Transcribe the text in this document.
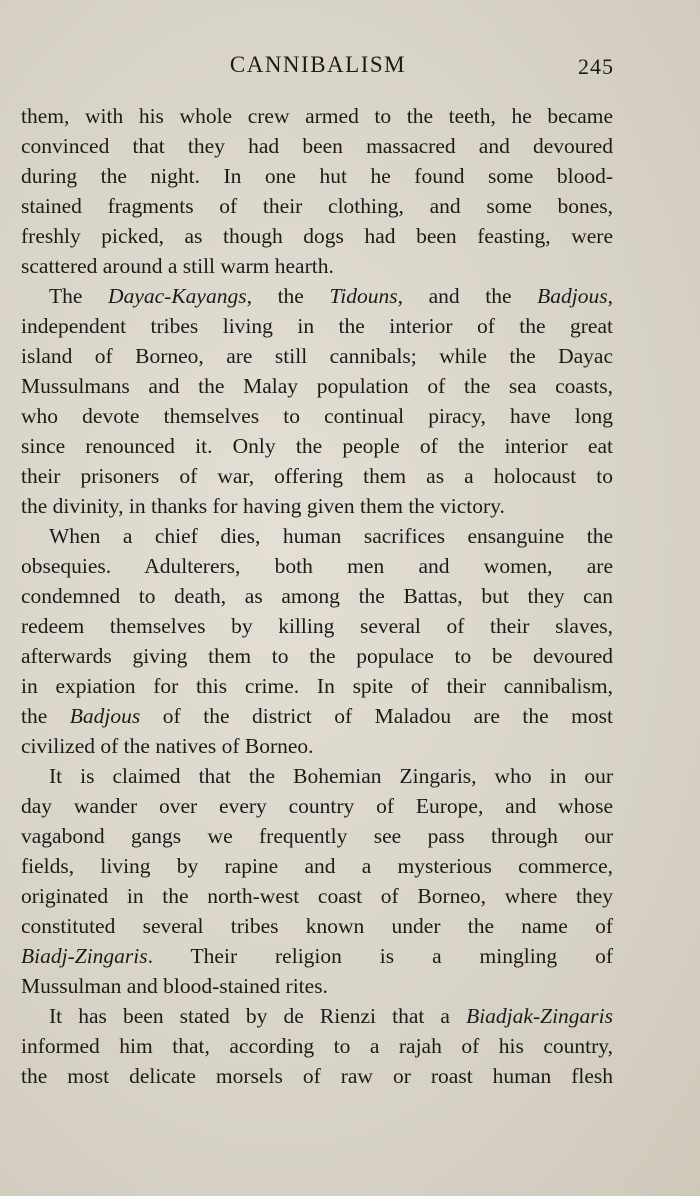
CANNIBALISM	245
them, with his whole crew armed to the teeth, he became
convinced that they had been massacred and devoured
during the night. In one hut he found some blood-
stained fragments of their clothing, and some bones,
freshly picked, as though dogs had been feasting, were
scattered around a still warm hearth.
The Dayac-Kayangs, the Tidouns, and the Badjous,
independent tribes living in the interior of the great
island of Borneo, are still cannibals; while the Dayac
Mussulmans and the Malay population of the sea coasts,
who devote themselves to continual piracy, have long
since renounced it. Only the people of the interior eat
their prisoners of war, offering them as a holocaust to
the divinity, in thanks for having given them the victory.
When a chief dies, human sacrifices ensanguine the
obsequies. Adulterers, both men and women, are
condemned to death, as among the Battas, but they can
redeem themselves by killing several of their slaves,
afterwards giving them to the populace to be devoured
in expiation for this crime. In spite of their cannibalism,
the Badjous of the district of Maladou are the most
civilized of the natives of Borneo.
It is claimed that the Bohemian Zingaris, who in our
day wander over every country of Europe, and whose
vagabond gangs we frequently see pass through our
fields, living by rapine and a mysterious commerce,
originated in the north-west coast of Borneo, where they
constituted several tribes known under the name of
Biadj-Zingaris. Their religion is a mingling of
Mussulman and blood-stained rites.
It has been stated by de Rienzi that a Biadjak-Zingaris
informed him that, according to a rajah of his country,
the most delicate morsels of raw or roast human flesh
